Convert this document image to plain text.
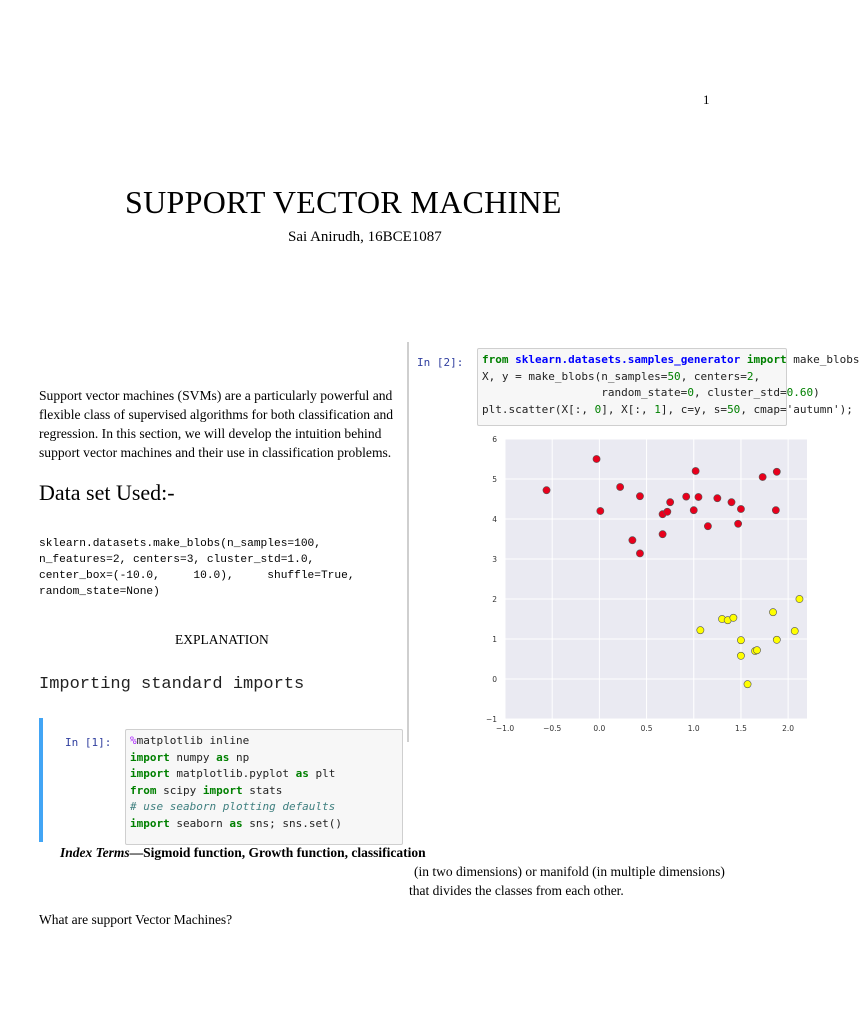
1
SUPPORT VECTOR MACHINE
Sai Anirudh, 16BCE1087
Support vector machines (SVMs) are a particularly powerful and flexible class of supervised algorithms for both classification and regression. In this section, we will develop the intuition behind support vector machines and their use in classification problems.
Data set Used:-
sklearn.datasets.make_blobs(n_samples=100,
n_features=2, centers=3, cluster_std=1.0,
center_box=(-10.0,     10.0),     shuffle=True,
random_state=None)
EXPLANATION
Importing standard imports
In [1]:	%matplotlib inline
import numpy as np
import matplotlib.pyplot as plt
from scipy import stats
# use seaborn plotting defaults
import seaborn as sns; sns.set()
In [2]:	from sklearn.datasets.samples_generator import make_blobs
X, y = make_blobs(n_samples=50, centers=2,
random_state=0, cluster_std=0.60)
plt.scatter(X[:, 0], X[:, 1], c=y, s=50, cmap='autumn');
−1.0	−0.5	0.0	0.5	1.0	1.5	2.0
−1
0
1
2
3
4
5
6
Index Terms—Sigmoid function, Growth function, classification
(in two dimensions) or manifold (in multiple dimensions)
that divides the classes from each other.
What are support Vector Machines?
